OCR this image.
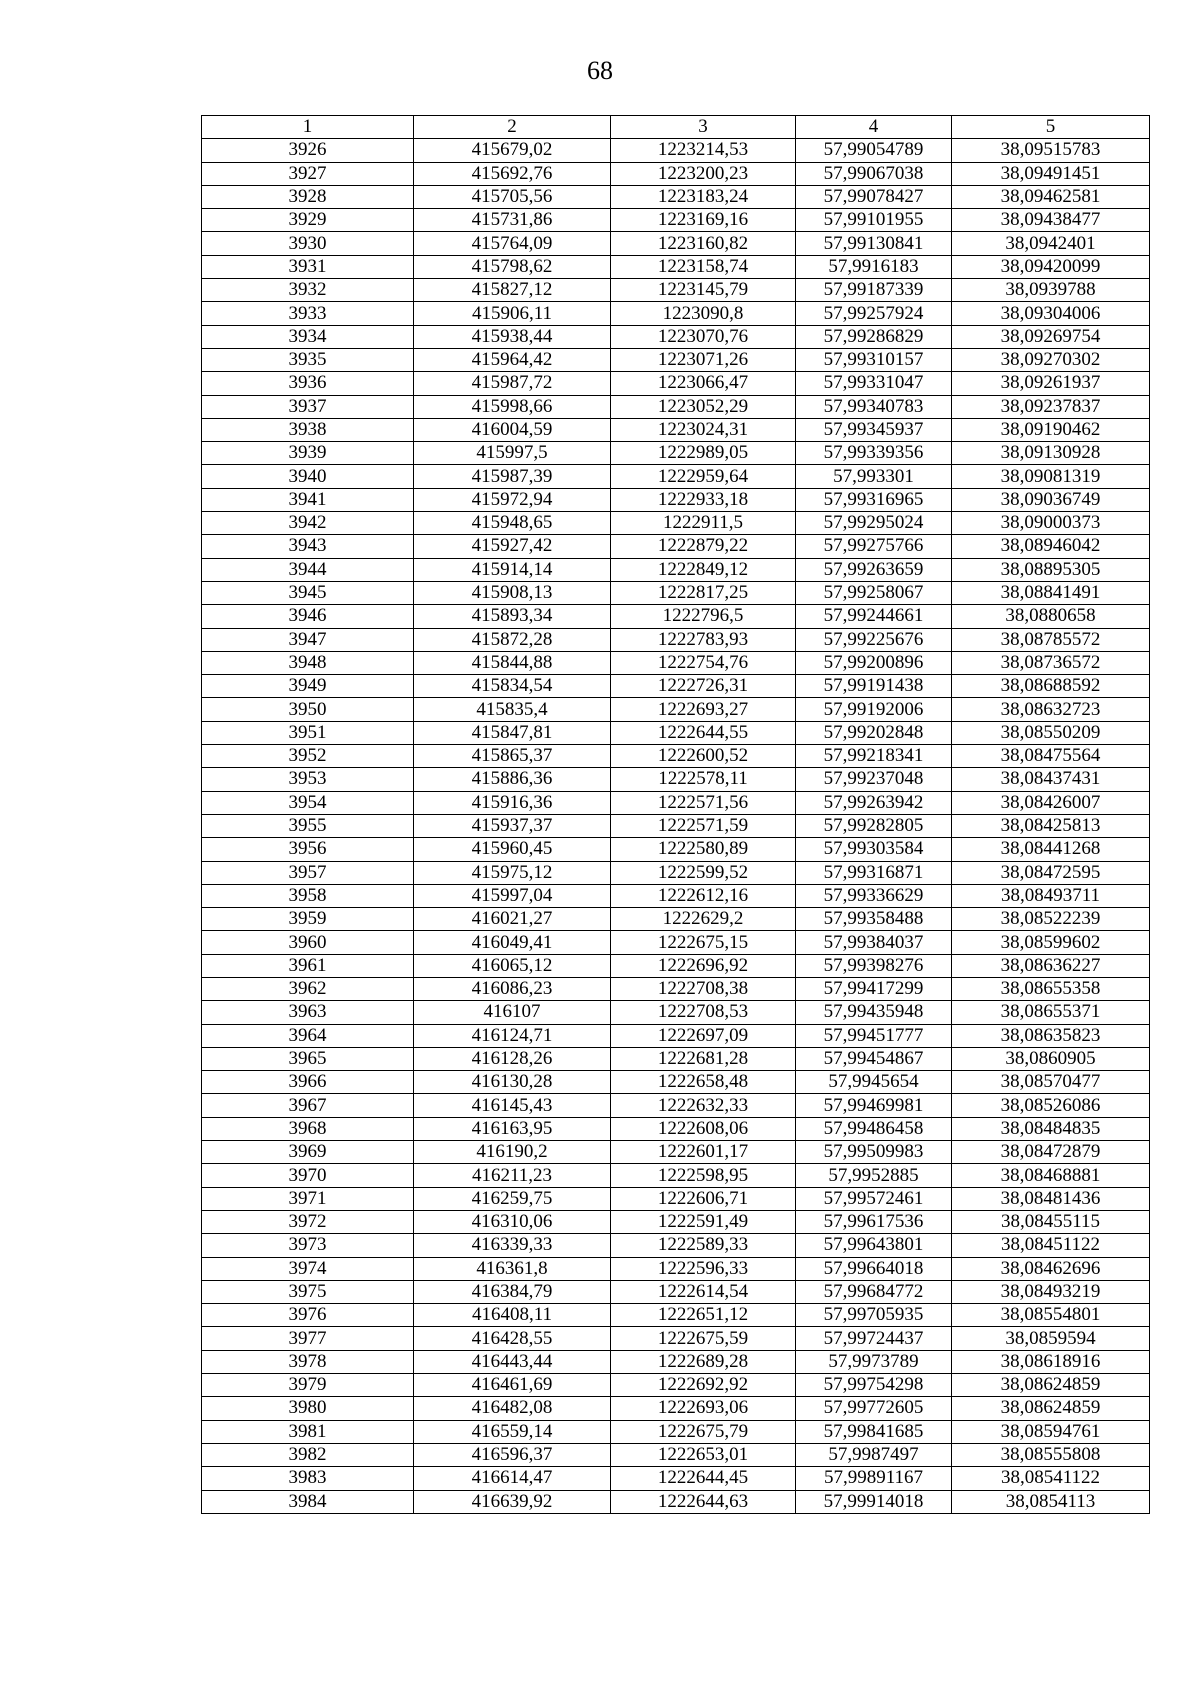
68
1	2	3	4	5
3926	415679,02	1223214,53	57,99054789	38,09515783
3927	415692,76	1223200,23	57,99067038	38,09491451
3928	415705,56	1223183,24	57,99078427	38,09462581
3929	415731,86	1223169,16	57,99101955	38,09438477
3930	415764,09	1223160,82	57,99130841	38,0942401
3931	415798,62	1223158,74	57,9916183	38,09420099
3932	415827,12	1223145,79	57,99187339	38,0939788
3933	415906,11	1223090,8	57,99257924	38,09304006
3934	415938,44	1223070,76	57,99286829	38,09269754
3935	415964,42	1223071,26	57,99310157	38,09270302
3936	415987,72	1223066,47	57,99331047	38,09261937
3937	415998,66	1223052,29	57,99340783	38,09237837
3938	416004,59	1223024,31	57,99345937	38,09190462
3939	415997,5	1222989,05	57,99339356	38,09130928
3940	415987,39	1222959,64	57,993301	38,09081319
3941	415972,94	1222933,18	57,99316965	38,09036749
3942	415948,65	1222911,5	57,99295024	38,09000373
3943	415927,42	1222879,22	57,99275766	38,08946042
3944	415914,14	1222849,12	57,99263659	38,08895305
3945	415908,13	1222817,25	57,99258067	38,08841491
3946	415893,34	1222796,5	57,99244661	38,0880658
3947	415872,28	1222783,93	57,99225676	38,08785572
3948	415844,88	1222754,76	57,99200896	38,08736572
3949	415834,54	1222726,31	57,99191438	38,08688592
3950	415835,4	1222693,27	57,99192006	38,08632723
3951	415847,81	1222644,55	57,99202848	38,08550209
3952	415865,37	1222600,52	57,99218341	38,08475564
3953	415886,36	1222578,11	57,99237048	38,08437431
3954	415916,36	1222571,56	57,99263942	38,08426007
3955	415937,37	1222571,59	57,99282805	38,08425813
3956	415960,45	1222580,89	57,99303584	38,08441268
3957	415975,12	1222599,52	57,99316871	38,08472595
3958	415997,04	1222612,16	57,99336629	38,08493711
3959	416021,27	1222629,2	57,99358488	38,08522239
3960	416049,41	1222675,15	57,99384037	38,08599602
3961	416065,12	1222696,92	57,99398276	38,08636227
3962	416086,23	1222708,38	57,99417299	38,08655358
3963	416107	1222708,53	57,99435948	38,08655371
3964	416124,71	1222697,09	57,99451777	38,08635823
3965	416128,26	1222681,28	57,99454867	38,0860905
3966	416130,28	1222658,48	57,9945654	38,08570477
3967	416145,43	1222632,33	57,99469981	38,08526086
3968	416163,95	1222608,06	57,99486458	38,08484835
3969	416190,2	1222601,17	57,99509983	38,08472879
3970	416211,23	1222598,95	57,9952885	38,08468881
3971	416259,75	1222606,71	57,99572461	38,08481436
3972	416310,06	1222591,49	57,99617536	38,08455115
3973	416339,33	1222589,33	57,99643801	38,08451122
3974	416361,8	1222596,33	57,99664018	38,08462696
3975	416384,79	1222614,54	57,99684772	38,08493219
3976	416408,11	1222651,12	57,99705935	38,08554801
3977	416428,55	1222675,59	57,99724437	38,0859594
3978	416443,44	1222689,28	57,9973789	38,08618916
3979	416461,69	1222692,92	57,99754298	38,08624859
3980	416482,08	1222693,06	57,99772605	38,08624859
3981	416559,14	1222675,79	57,99841685	38,08594761
3982	416596,37	1222653,01	57,9987497	38,08555808
3983	416614,47	1222644,45	57,99891167	38,08541122
3984	416639,92	1222644,63	57,99914018	38,0854113
